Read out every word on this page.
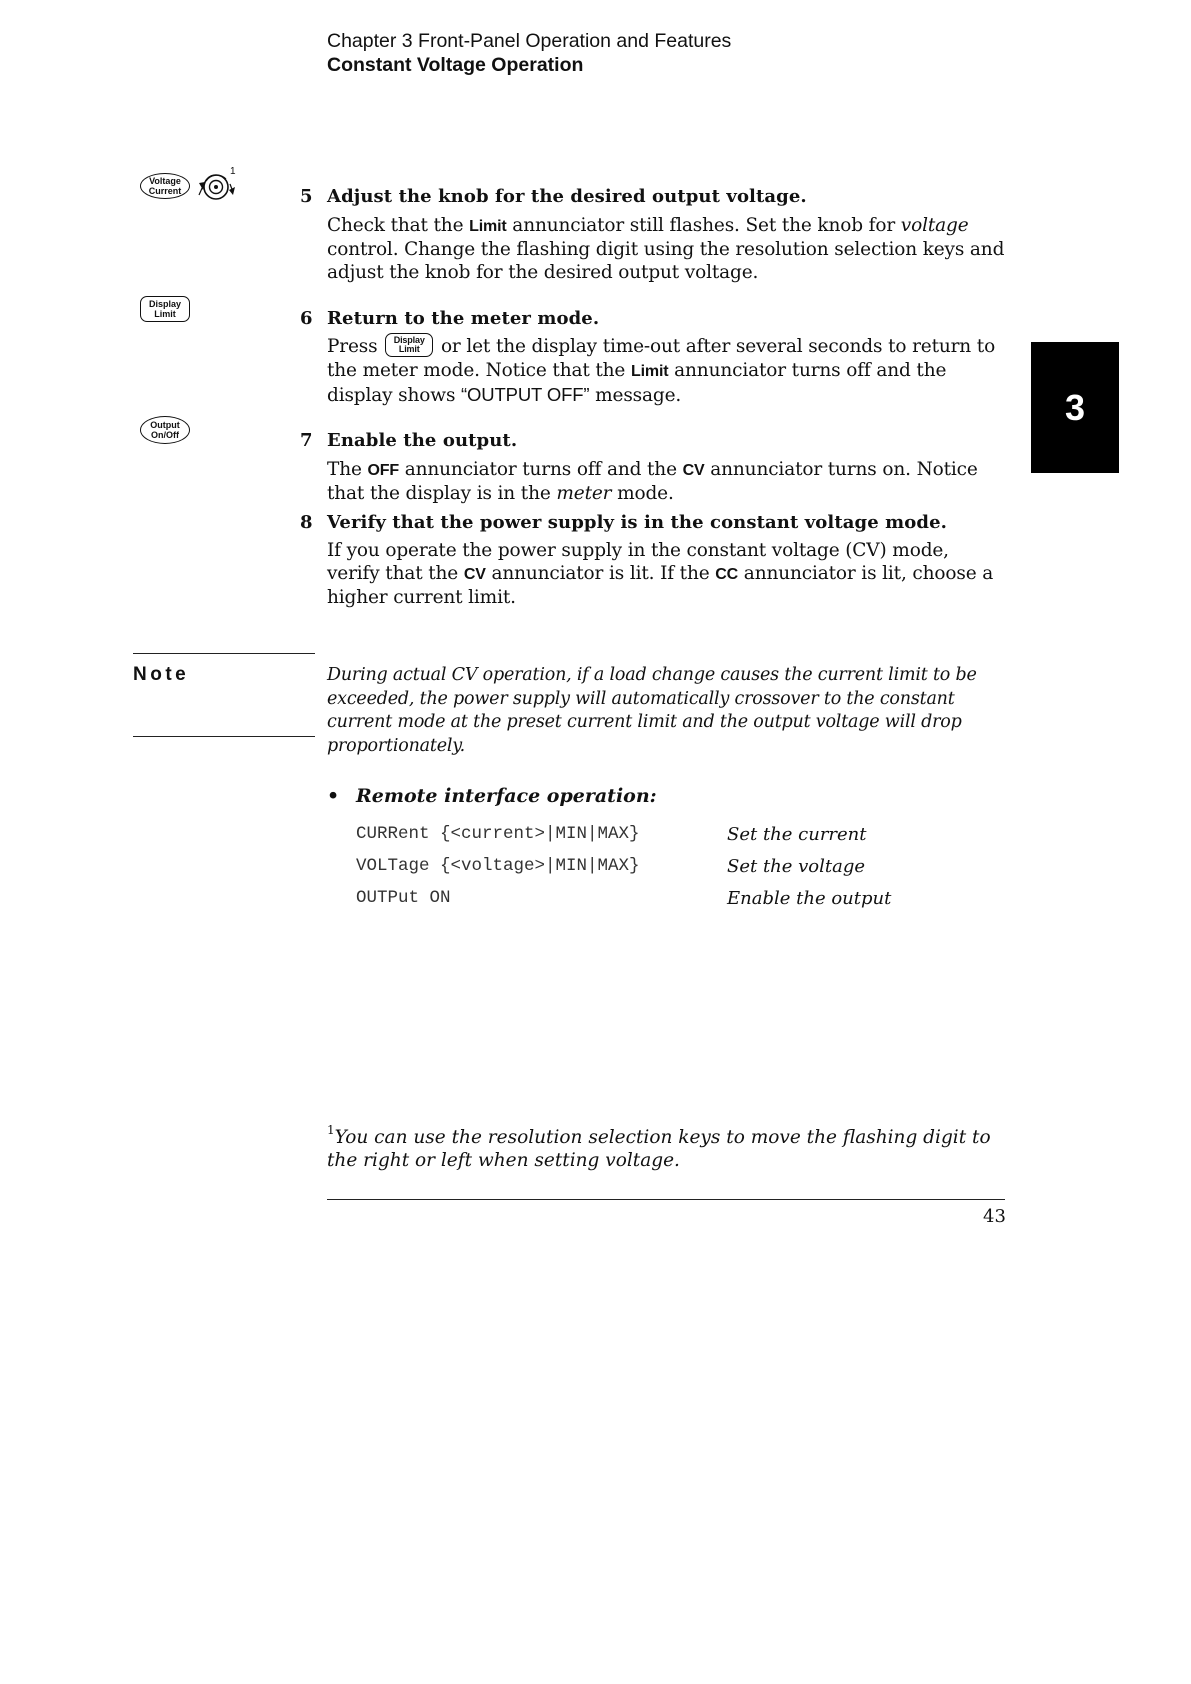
Chapter 3 Front-Panel Operation and Features
Constant Voltage Operation
3
Voltage
Current
1
Display
Limit
Output
On/Off
5 Adjust the knob for the desired output voltage.
Check that the Limit annunciator still flashes. Set the knob for voltage control. Change the flashing digit using the resolution selection keys and adjust the knob for the desired output voltage.
6 Return to the meter mode.
Press Display
Limit or let the display time-out after several seconds to return to the meter mode. Notice that the Limit annunciator turns off and the display shows “OUTPUT OFF” message.
7 Enable the output.
The OFF annunciator turns off and the CV annunciator turns on. Notice that the display is in the meter mode.
8 Verify that the power supply is in the constant voltage mode.
If you operate the power supply in the constant voltage (CV) mode, verify that the CV annunciator is lit. If the CC annunciator is lit, choose a higher current limit.
Note	During actual CV operation, if a load change causes the current limit to be exceeded, the power supply will automatically crossover to the constant current mode at the preset current limit and the output voltage will drop proportionately.
• Remote interface operation:
CURRent {<current>|MIN|MAX}	Set the current
VOLTage {<voltage>|MIN|MAX}	Set the voltage
OUTPut ON	Enable the output
$^1$You can use the resolution selection keys to move the flashing digit to the right or left when setting voltage.
43
